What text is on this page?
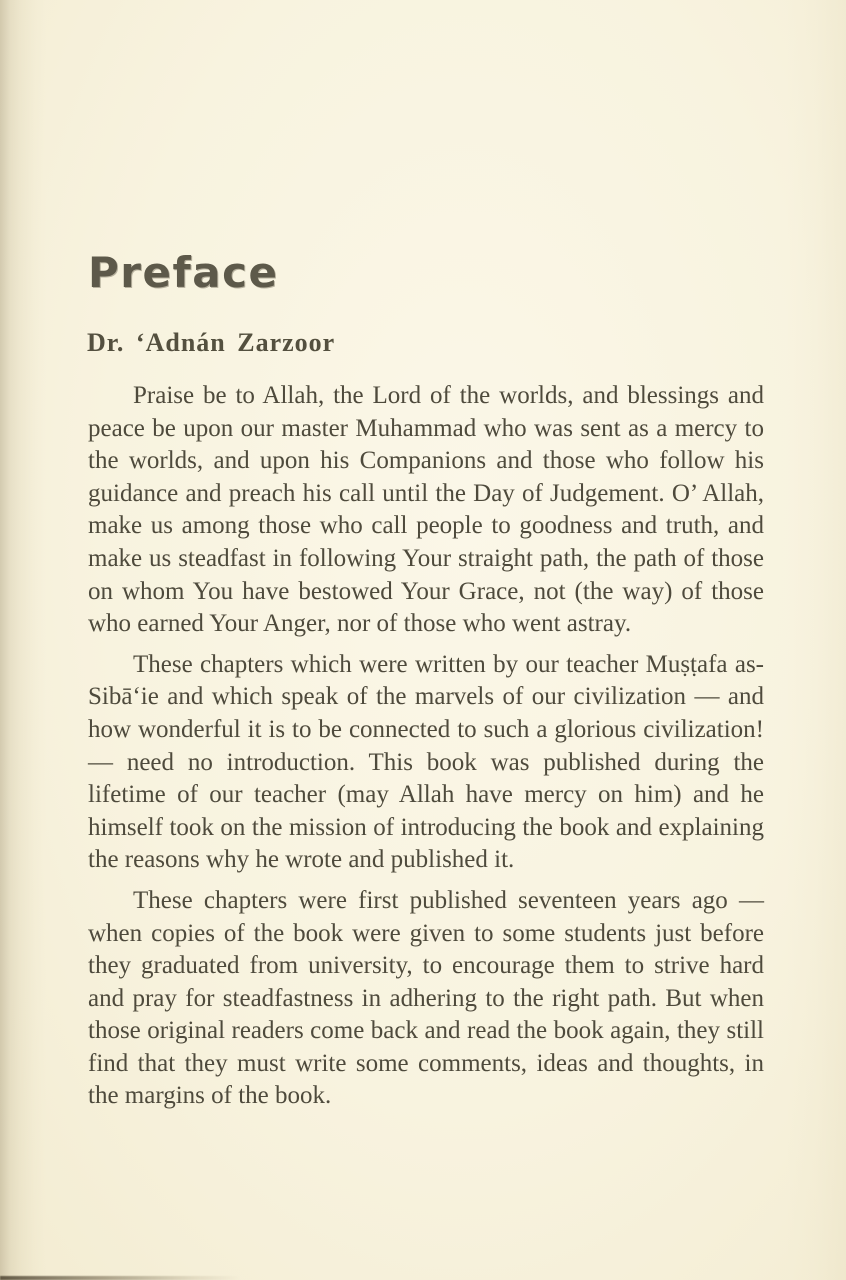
Preface
Dr. ‘Adnán Zarzoor

Praise be to Allah, the Lord of the worlds, and blessings and peace be upon our master Muhammad who was sent as a mercy to the worlds, and upon his Companions and those who follow his guidance and preach his call until the Day of Judgement. O’ Allah, make us among those who call people to goodness and truth, and make us steadfast in following Your straight path, the path of those on whom You have bestowed Your Grace, not (the way) of those who earned Your Anger, nor of those who went astray.

These chapters which were written by our teacher Muṣṭafa as-Sibā‘ie and which speak of the marvels of our civilization — and how wonderful it is to be connected to such a glorious civilization! — need no introduction. This book was published during the lifetime of our teacher (may Allah have mercy on him) and he himself took on the mission of introducing the book and explaining the reasons why he wrote and published it.

These chapters were first published seventeen years ago — when copies of the book were given to some students just before they graduated from university, to encourage them to strive hard and pray for steadfastness in adhering to the right path. But when those original readers come back and read the book again, they still find that they must write some comments, ideas and thoughts, in the margins of the book.
